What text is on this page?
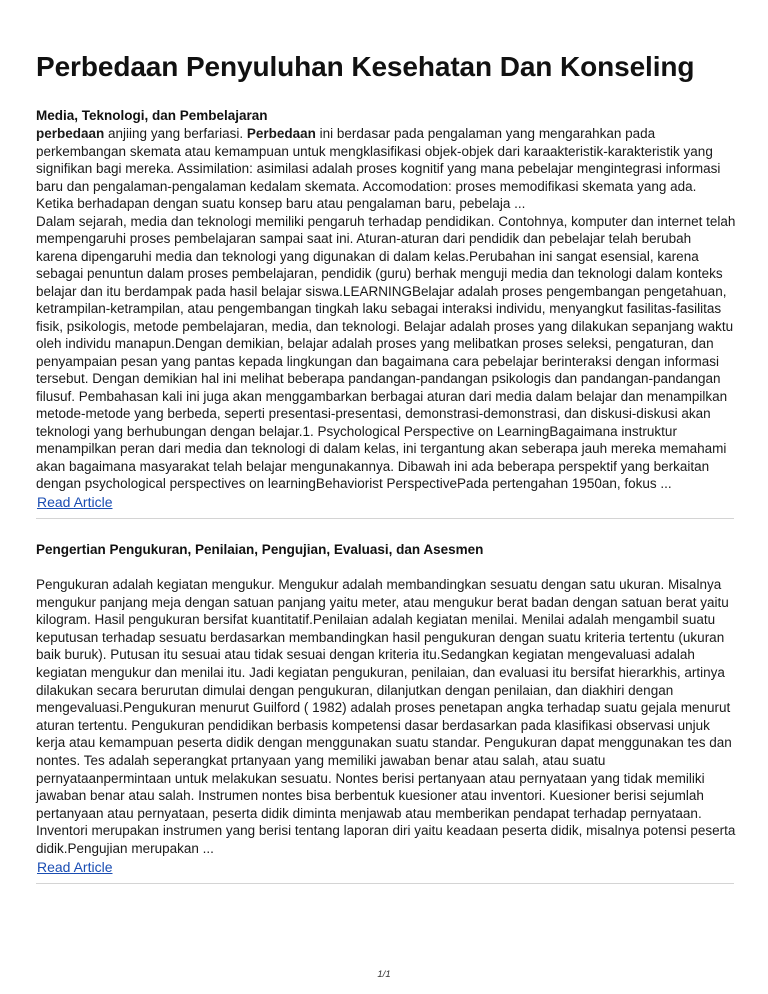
Perbedaan Penyuluhan Kesehatan Dan Konseling

Media, Teknologi, dan Pembelajaran

perbedaan anjiing yang berfariasi. Perbedaan ini berdasar pada pengalaman yang mengarahkan pada perkembangan skemata atau kemampuan untuk mengklasifikasi objek-objek dari karaakteristik-karakteristik yang signifikan bagi mereka. Assimilation: asimilasi adalah proses kognitif yang mana pebelajar mengintegrasi informasi baru dan pengalaman-pengalaman kedalam skemata. Accomodation: proses memodifikasi skemata yang ada. Ketika berhadapan dengan suatu konsep baru atau pengalaman baru, pebelaja ...

Dalam sejarah, media dan teknologi memiliki pengaruh terhadap pendidikan. Contohnya, komputer dan internet telah mempengaruhi proses pembelajaran sampai saat ini. Aturan-aturan dari pendidik dan pebelajar telah berubah karena dipengaruhi media dan teknologi yang digunakan di dalam kelas.Perubahan ini sangat esensial, karena sebagai penuntun dalam proses pembelajaran, pendidik (guru) berhak menguji media dan teknologi dalam konteks belajar dan itu berdampak pada hasil belajar siswa.LEARNINGBelajar adalah proses pengembangan pengetahuan, ketrampilan-ketrampilan, atau pengembangan tingkah laku sebagai interaksi individu, menyangkut fasilitas-fasilitas fisik, psikologis, metode pembelajaran, media, dan teknologi. Belajar adalah proses yang dilakukan sepanjang waktu oleh individu manapun.Dengan demikian, belajar adalah proses yang melibatkan proses seleksi, pengaturan, dan penyampaian pesan yang pantas kepada lingkungan dan bagaimana cara pebelajar berinteraksi dengan informasi tersebut. Dengan demikian hal ini melihat beberapa pandangan-pandangan psikologis dan pandangan-pandangan filusuf. Pembahasan kali ini juga akan menggambarkan berbagai aturan dari media dalam belajar dan menampilkan metode-metode yang berbeda, seperti presentasi-presentasi, demonstrasi-demonstrasi, dan diskusi-diskusi akan teknologi yang berhubungan dengan belajar.1. Psychological Perspective on LearningBagaimana instruktur menampilkan peran dari media dan teknologi di dalam kelas, ini tergantung akan seberapa jauh mereka memahami akan bagaimana masyarakat telah belajar mengunakannya. Dibawah ini ada beberapa perspektif yang berkaitan dengan psychological perspectives on learningBehaviorist PerspectivePada pertengahan 1950an, fokus ...

Read Article

Pengertian Pengukuran, Penilaian, Pengujian, Evaluasi, dan Asesmen

Pengukuran adalah kegiatan mengukur. Mengukur adalah membandingkan sesuatu dengan satu ukuran. Misalnya mengukur panjang meja dengan satuan panjang yaitu meter, atau mengukur berat badan dengan satuan berat yaitu kilogram. Hasil pengukuran bersifat kuantitatif.Penilaian adalah kegiatan menilai. Menilai adalah mengambil suatu keputusan terhadap sesuatu berdasarkan membandingkan hasil pengukuran dengan suatu kriteria tertentu (ukuran baik buruk). Putusan itu sesuai atau tidak sesuai dengan kriteria itu.Sedangkan kegiatan mengevaluasi adalah kegiatan mengukur dan menilai itu. Jadi kegiatan pengukuran, penilaian, dan evaluasi itu bersifat hierarkhis, artinya dilakukan secara berurutan dimulai dengan pengukuran, dilanjutkan dengan penilaian, dan diakhiri dengan mengevaluasi.Pengukuran menurut Guilford ( 1982) adalah proses penetapan angka terhadap suatu gejala menurut aturan tertentu. Pengukuran pendidikan berbasis kompetensi dasar berdasarkan pada klasifikasi observasi unjuk kerja atau kemampuan peserta didik dengan menggunakan suatu standar. Pengukuran dapat menggunakan tes dan nontes. Tes adalah seperangkat prtanyaan yang memiliki jawaban benar atau salah, atau suatu pernyataanpermintaan untuk melakukan sesuatu. Nontes berisi pertanyaan atau pernyataan yang tidak memiliki jawaban benar atau salah. Instrumen nontes bisa berbentuk kuesioner atau inventori. Kuesioner berisi sejumlah pertanyaan atau pernyataan, peserta didik diminta menjawab atau memberikan pendapat terhadap pernyataan. Inventori merupakan instrumen yang berisi tentang laporan diri yaitu keadaan peserta didik, misalnya potensi peserta didik.Pengujian merupakan ...

Read Article
1/1
